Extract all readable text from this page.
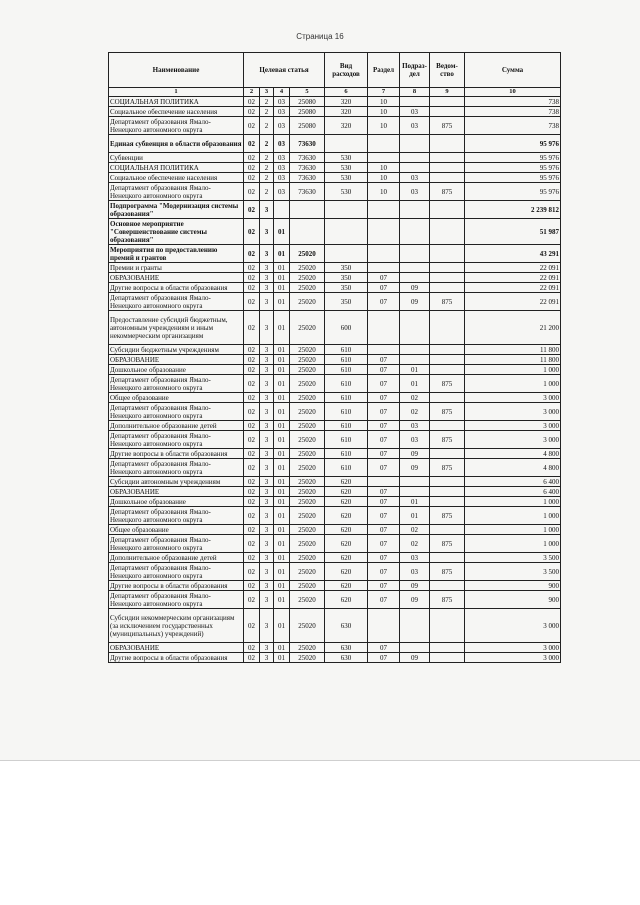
Страница 16
Наименование	Целевая статья				Вид расходов	Раздел	Подраз-дел	Ведом-ство	Сумма
1	2	3	4	5	6	7	8	9	10
СОЦИАЛЬНАЯ ПОЛИТИКА	02	2	03	25080	320	10			738
Социальное обеспечение населения	02	2	03	25080	320	10	03		738
Департамент образования Ямало-Ненецкого автономного округа	02	2	03	25080	320	10	03	875	738
Единая субвенция в области образования	02	2	03	73630					95 976
Субвенции	02	2	03	73630	530				95 976
СОЦИАЛЬНАЯ ПОЛИТИКА	02	2	03	73630	530	10			95 976
Социальное обеспечение населения	02	2	03	73630	530	10	03		95 976
Департамент образования Ямало-Ненецкого автономного округа	02	2	03	73630	530	10	03	875	95 976
Подпрограмма "Модернизация системы образования"	02	3							2 239 812
Основное мероприятие "Совершенствование системы образования"	02	3	01						51 987
Мероприятия по предоставлению премий и грантов	02	3	01	25020					43 291
Премии и гранты	02	3	01	25020	350				22 091
ОБРАЗОВАНИЕ	02	3	01	25020	350	07			22 091
Другие вопросы в области образования	02	3	01	25020	350	07	09		22 091
Департамент образования Ямало-Ненецкого автономного округа	02	3	01	25020	350	07	09	875	22 091
Предоставление субсидий бюджетным, автономным учреждениям и иным некоммерческим организациям	02	3	01	25020	600				21 200
Субсидии бюджетным учреждениям	02	3	01	25020	610				11 800
ОБРАЗОВАНИЕ	02	3	01	25020	610	07			11 800
Дошкольное образование	02	3	01	25020	610	07	01		1 000
Департамент образования Ямало-Ненецкого автономного округа	02	3	01	25020	610	07	01	875	1 000
Общее образование	02	3	01	25020	610	07	02		3 000
Департамент образования Ямало-Ненецкого автономного округа	02	3	01	25020	610	07	02	875	3 000
Дополнительное образование детей	02	3	01	25020	610	07	03		3 000
Департамент образования Ямало-Ненецкого автономного округа	02	3	01	25020	610	07	03	875	3 000
Другие вопросы в области образования	02	3	01	25020	610	07	09		4 800
Департамент образования Ямало-Ненецкого автономного округа	02	3	01	25020	610	07	09	875	4 800
Субсидии автономным учреждениям	02	3	01	25020	620				6 400
ОБРАЗОВАНИЕ	02	3	01	25020	620	07			6 400
Дошкольное образование	02	3	01	25020	620	07	01		1 000
Департамент образования Ямало-Ненецкого автономного округа	02	3	01	25020	620	07	01	875	1 000
Общее образование	02	3	01	25020	620	07	02		1 000
Департамент образования Ямало-Ненецкого автономного округа	02	3	01	25020	620	07	02	875	1 000
Дополнительное образование детей	02	3	01	25020	620	07	03		3 500
Департамент образования Ямало-Ненецкого автономного округа	02	3	01	25020	620	07	03	875	3 500
Другие вопросы в области образования	02	3	01	25020	620	07	09		900
Департамент образования Ямало-Ненецкого автономного округа	02	3	01	25020	620	07	09	875	900
Субсидии некоммерческим организациям (за исключением государственных (муниципальных) учреждений)	02	3	01	25020	630				3 000
ОБРАЗОВАНИЕ	02	3	01	25020	630	07			3 000
Другие вопросы в области образования	02	3	01	25020	630	07	09		3 000
